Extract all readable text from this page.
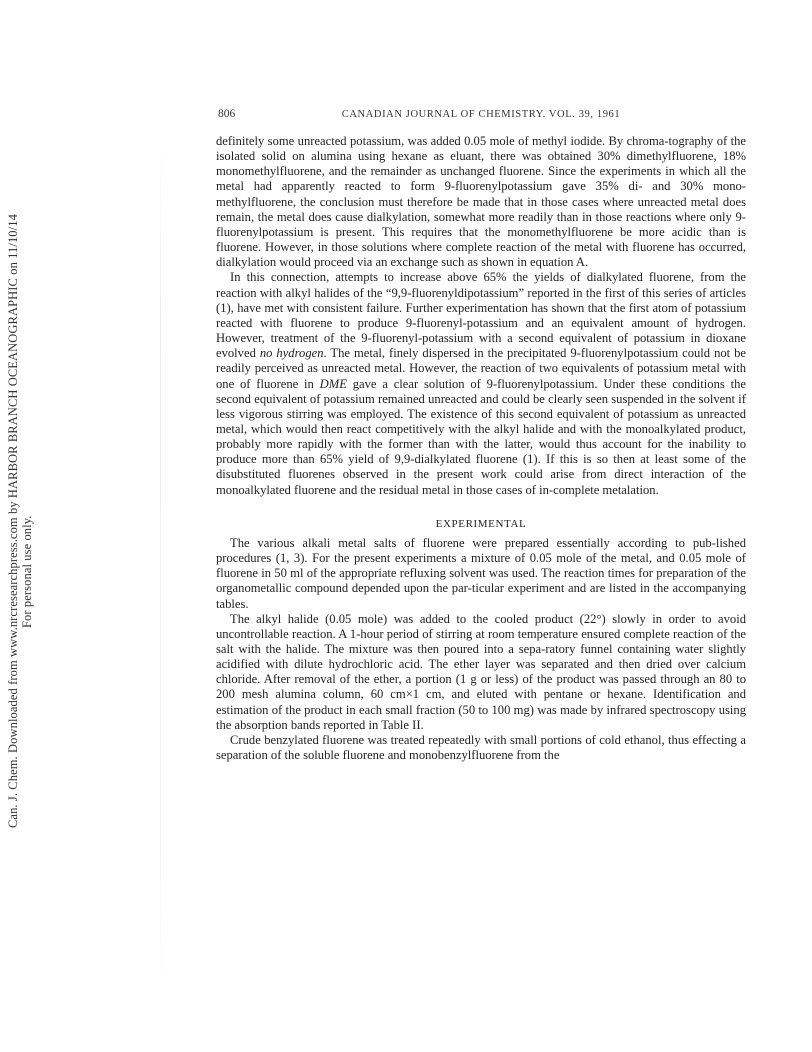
Can. J. Chem. Downloaded from www.nrcresearchpress.com by HARBOR BRANCH OCEANOGRAPHIC on 11/10/14 For personal use only.
806	CANADIAN JOURNAL OF CHEMISTRY. VOL. 39, 1961

definitely some unreacted potassium, was added 0.05 mole of methyl iodide. By chroma-tography of the isolated solid on alumina using hexane as eluant, there was obtained 30% dimethylfluorene, 18% monomethylfluorene, and the remainder as unchanged fluorene. Since the experiments in which all the metal had apparently reacted to form 9-fluorenylpotassium gave 35% di- and 30% mono-methylfluorene, the conclusion must therefore be made that in those cases where unreacted metal does remain, the metal does cause dialkylation, somewhat more readily than in those reactions where only 9-fluorenylpotassium is present. This requires that the monomethylfluorene be more acidic than is fluorene. However, in those solutions where complete reaction of the metal with fluorene has occurred, dialkylation would proceed via an exchange such as shown in equation A.

In this connection, attempts to increase above 65% the yields of dialkylated fluorene, from the reaction with alkyl halides of the “9,9-fluorenyldipotassium” reported in the first of this series of articles (1), have met with consistent failure. Further experimentation has shown that the first atom of potassium reacted with fluorene to produce 9-fluorenyl-potassium and an equivalent amount of hydrogen. However, treatment of the 9-fluorenyl-potassium with a second equivalent of potassium in dioxane evolved no hydrogen. The metal, finely dispersed in the precipitated 9-fluorenylpotassium could not be readily perceived as unreacted metal. However, the reaction of two equivalents of potassium metal with one of fluorene in DME gave a clear solution of 9-fluorenylpotassium. Under these conditions the second equivalent of potassium remained unreacted and could be clearly seen suspended in the solvent if less vigorous stirring was employed. The existence of this second equivalent of potassium as unreacted metal, which would then react competitively with the alkyl halide and with the monoalkylated product, probably more rapidly with the former than with the latter, would thus account for the inability to produce more than 65% yield of 9,9-dialkylated fluorene (1). If this is so then at least some of the disubstituted fluorenes observed in the present work could arise from direct interaction of the monoalkylated fluorene and the residual metal in those cases of in-complete metalation.

EXPERIMENTAL

The various alkali metal salts of fluorene were prepared essentially according to pub-lished procedures (1, 3). For the present experiments a mixture of 0.05 mole of the metal, and 0.05 mole of fluorene in 50 ml of the appropriate refluxing solvent was used. The reaction times for preparation of the organometallic compound depended upon the par-ticular experiment and are listed in the accompanying tables.

The alkyl halide (0.05 mole) was added to the cooled product (22°) slowly in order to avoid uncontrollable reaction. A 1-hour period of stirring at room temperature ensured complete reaction of the salt with the halide. The mixture was then poured into a sepa-ratory funnel containing water slightly acidified with dilute hydrochloric acid. The ether layer was separated and then dried over calcium chloride. After removal of the ether, a portion (1 g or less) of the product was passed through an 80 to 200 mesh alumina column, 60 cm×1 cm, and eluted with pentane or hexane. Identification and estimation of the product in each small fraction (50 to 100 mg) was made by infrared spectroscopy using the absorption bands reported in Table II.

Crude benzylated fluorene was treated repeatedly with small portions of cold ethanol, thus effecting a separation of the soluble fluorene and monobenzylfluorene from the
